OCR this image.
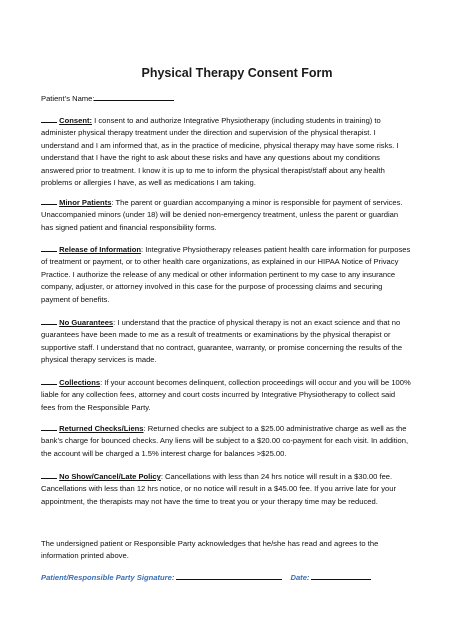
Physical Therapy Consent Form
Patient’s Name:
Consent: I consent to and authorize Integrative Physiotherapy (including students in training) to
administer physical therapy treatment under the direction and supervision of the physical therapist. I
understand and I am informed that, as in the practice of medicine, physical therapy may have some risks. I
understand that I have the right to ask about these risks and have any questions about my conditions
answered prior to treatment. I know it is up to me to inform the physical therapist/staff about any health
problems or allergies I have, as well as medications I am taking.
Minor Patients: The parent or guardian accompanying a minor is responsible for payment of services.
Unaccompanied minors (under 18) will be denied non-emergency treatment, unless the parent or guardian
has signed patient and financial responsibility forms.
Release of Information: Integrative Physiotherapy releases patient health care information for purposes
of treatment or payment, or to other health care organizations, as explained in our HIPAA Notice of Privacy
Practice. I authorize the release of any medical or other information pertinent to my case to any insurance
company, adjuster, or attorney involved in this case for the purpose of processing claims and securing
payment of benefits.
No Guarantees: I understand that the practice of physical therapy is not an exact science and that no
guarantees have been made to me as a result of treatments or examinations by the physical therapist or
supportive staff. I understand that no contract, guarantee, warranty, or promise concerning the results of the
physical therapy services is made.
Collections: If your account becomes delinquent, collection proceedings will occur and you will be 100%
liable for any collection fees, attorney and court costs incurred by Integrative Physiotherapy to collect said
fees from the Responsible Party.
Returned Checks/Liens: Returned checks are subject to a $25.00 administrative charge as well as the
bank’s charge for bounced checks. Any liens will be subject to a $20.00 co-payment for each visit. In addition,
the account will be charged a 1.5% interest charge for balances >$25.00.
No Show/Cancel/Late Policy: Cancellations with less than 24 hrs notice will result in a $30.00 fee.
Cancellations with less than 12 hrs notice, or no notice will result in a $45.00 fee. If you arrive late for your
appointment, the therapists may not have the time to treat you or your therapy time may be reduced.
The undersigned patient or Responsible Party acknowledges that he/she has read and agrees to the
information printed above.
Patient/Responsible Party Signature:	Date:
